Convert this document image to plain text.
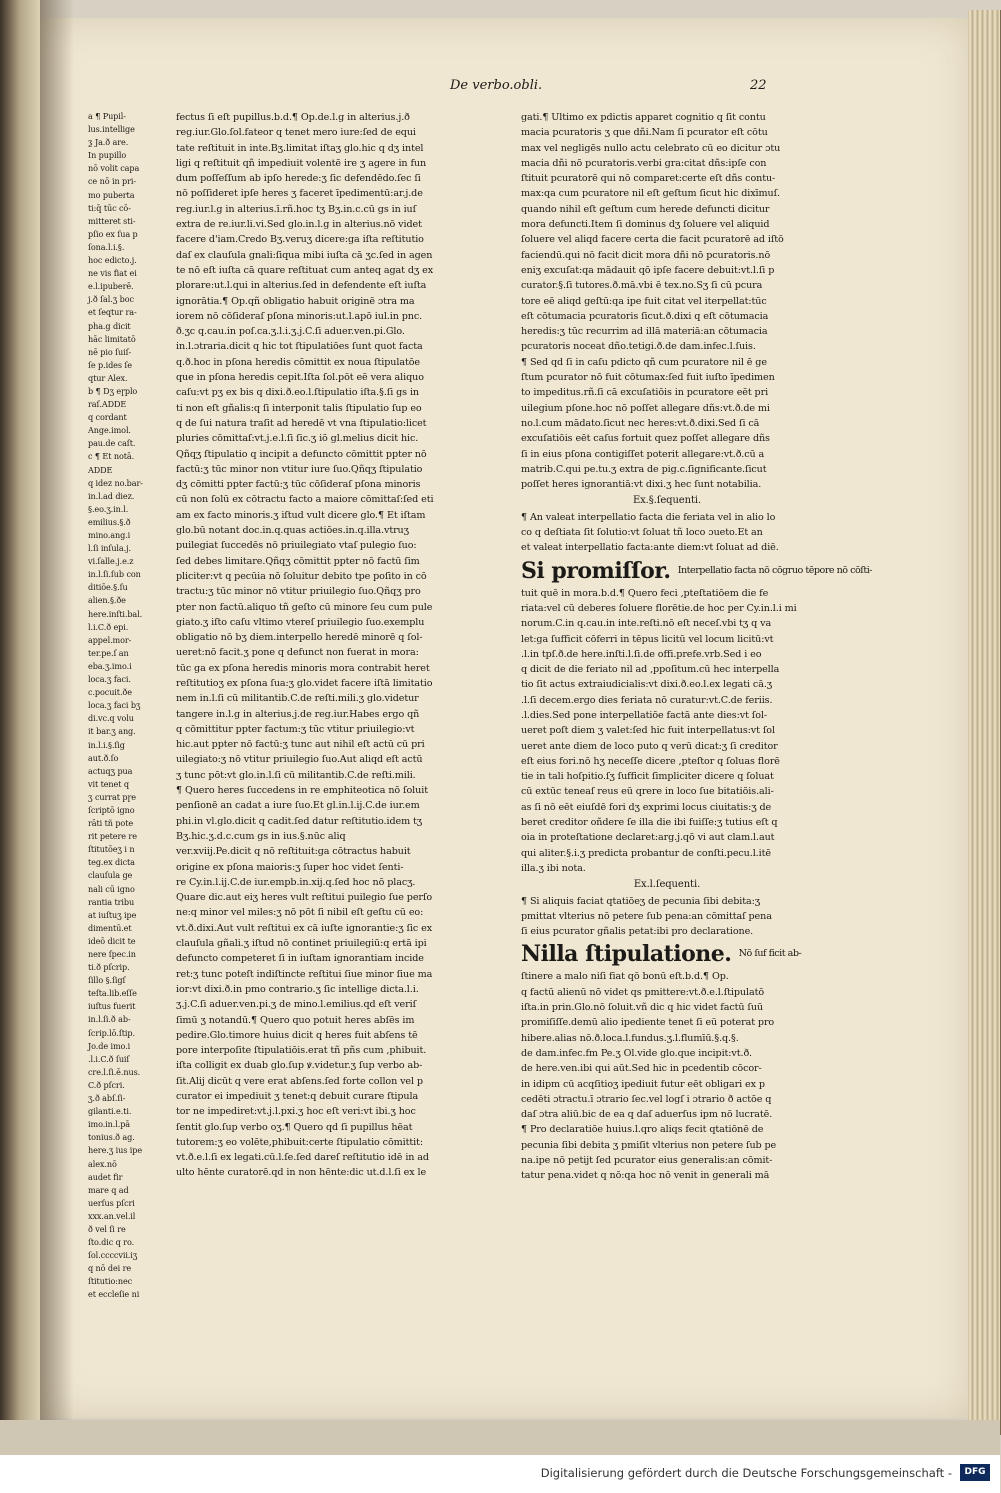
De verbo.obli.	22
a ¶ Pupil-
lus.intellige
ƺ Ja.ð are.
In pupillo
nō volit capa
ce nō in pri-
mo puberta
ti:q̄ tūc cō-
mitteret sti-
pſio ex ſua p
ſona.l.i.§.
hoc edicto.j.
ne vis fiat ei
e.l.ipuberē.
j.ð ſal.ʒ boc
et ſeqtur ra-
pha.g dicit
hāc limitatō
nē pio ſuiſ-
ſe p.ides ſe
qtur Alex.
b ¶ Dʒ eɼplo
raſ.ADDE
q cordant
Ange.imol.
pau.de caſt.
c ¶ Et notā.
ADDE
q idez no.bar-
in.l.ad diez.
§.eo.ʒ.in.l.
emilius.§.ð
mino.ang.i
l.ſi inſula.j.
vi.ſalle.j.e.z
in.l.ſi.ſub con
ditiōe.§.ſu
alien.§.ðe
here.inſti.bal.
l.i.C.ð epi.
appel.mor-
ter.pe.ſ an
eba.ʒ.imo.i
loca.ʒ faci.
c.pocuit.ðe
loca.ʒ faci bʒ
di.vc.q volu
it bar.ʒ ang.
in.l.i.§.ſig
aut.ð.ſo
actuqʒ pua
vit tenet q
ʒ currat pɼe
ſcriptō igno
rāti tñ pote
rit petere re
ſtitutōeʒ i n
teg.ex dicta
clauſula ge
nali cū igno
rantia tribu
at iuſtuʒ ipe
dimentū.et
ideō dicit te
nere ſpec.in
ti.ð pſcrip.
ſillo §.ſigſ
teſta.lib.eſſe
iuſtus fuerit
in.l.ſi.ð ab-
ſcrip.lō.ſtip.
Jo.de imo.i
.l.i.C.ð ſuiſ
cre.l.ſi.ē.nus.
C.ð pſcri.
ʒ.ð abſ.ſi-
gilanti.e.ti.
imo.in.l.pā
tonius.ð ag.
here.ʒ ius ipe
alex.nō
audet fir
mare q ad
uerſus pſcri
xxx.an.vel.il
ð vel ſi re
ſto.dic q ro.
ſol.ccccvii.iʒ
q nō dei re
ſtitutio:nec
et eccleſie ni
fectus ſi eſt pupillus.b.d.¶ Op.de.l.g in alterius.j.ð
reg.iur.Glo.ſol.fateor q tenet mero iure:ſed de equi
tate reſtituit in inte.Bʒ.limitat iſtaʒ glo.hic q dʒ intel
ligi q reſtituit qñ impediuit volentē ire ʒ agere in fun
dum poſſeſſum ab ipſo herede:ʒ ſic defendēdo.ſec ſi
nō poſſideret ipſe heres ʒ faceret īpedimentū:ar.j.de
reg.iur.l.g in alterius.ī.rñ.hoc tʒ Bʒ.in.c.cū gs in iuſ
extra de re.iur.li.vi.Sed glo.in.l.g in alterius.nō videt
facere d'iam.Credo Bʒ.veruʒ dicere:ga iſta reſtitutio
daſ ex clauſula gnali:ſiqua mibi iuſta cā ʒc.ſed in agen
te nō eſt iuſta cā quare reſtituat cum anteq agat dʒ ex
plorare:ut.l.qui in alterius.ſed in defendente eſt iuſta
ignorātia.¶ Op.qñ obligatio habuit originē ɔtra ma
iorem nō cōſideraſ pſona minoris:ut.l.apō iul.in pnc.
ð.ʒc q.cau.in poſ.ca.ʒ.l.i.ʒ.j.C.ſi aduer.ven.pi.Glo.
in.l.ɔtraria.dicit q hic tot ſtipulatiōes ſunt quot facta
q.ð.hoc in pſona heredis cōmittit ex noua ſtipulatōe
que in pſona heredis cepit.Iſta ſol.pōt eē vera aliquo
caſu:vt pʒ ex bis q dixi.ð.eo.l.ſtipulatio iſta.§.ſi gs in
ti non eſt gñalis:q ſi interponit talis ſtipulatio ſup eo
q de ſui natura traſit ad heredē vt vna ſtipulatio:licet
pluries cōmittaſ:vt.j.e.l.ſi ſic.ʒ iō gl.melius dicit hic.
Qñqʒ ſtipulatio q incipit a defuncto cōmittit ppter nō
factū:ʒ tūc minor non vtitur iure ſuo.Qñqʒ ſtipulatio
dʒ cōmitti ppter factū:ʒ tūc cōſideraſ pſona minoris
cū non ſolū ex cōtractu facto a maiore cōmittaſ:ſed eti
am ex facto minoris.ʒ iſtud vult dicere glo.¶ Et iſtam
glo.bū notant doc.in.q.quas actiōes.in.q.illa.vtruʒ
puilegiat ſuccedēs nō priuilegiato vtaſ pulegio ſuo:
ſed debes limitare.Qñqʒ cōmittit ppter nō factū ſim
pliciter:vt q pecūia nō ſoluitur debito tpe poſito in cō
tractu:ʒ tūc minor nō vtitur priuilegio ſuo.Qñqʒ pro
pter non factū.aliquo tñ geſto cū minore ſeu cum pule
giato.ʒ iſto caſu vltimo vtereſ priuilegio ſuo.exemplu
obligatio nō bʒ diem.interpello heredē minorē q ſol-
ueret:nō facit.ʒ pone q defunct non fuerat in mora:
tūc ga ex pſona heredis minoris mora contrabit heret
reſtitutioʒ ex pſona ſua:ʒ glo.videt facere iſtā limitatio
nem in.l.ſi cū militantib.C.de reſti.mili.ʒ glo.videtur
tangere in.l.g in alterius.j.de reg.iur.Habes ergo qñ
q cōmittitur ppter factum:ʒ tūc vtitur priuilegio:vt
hic.aut ppter nō factū:ʒ tunc aut nihil eſt actū cū pri
uilegiato:ʒ nō vtitur priuilegio ſuo.Aut aliqd eſt actū
ʒ tunc pōt:vt glo.in.l.ſi cū militantib.C.de reſti.mili.
¶ Quero heres ſuccedens in re emphiteotica nō ſoluit
penſionē an cadat a iure ſuo.Et gl.in.l.ij.C.de iur.em
phi.in vl.glo.dicit q cadit.ſed datur reſtitutio.idem tʒ
Bʒ.hic.ʒ.d.c.cum gs in ius.§.nūc aliq
ver.xviij.Pe.dicit q nō reſtituit:ga cōtractus habuit
origine ex pſona maioris:ʒ ſuper hoc videt ſenti-
re Cy.in.l.ij.C.de iur.empb.in.xij.q.ſed hoc nō placʒ.
Quare dic.aut eiʒ heres vult reſtitui puilegio ſue perſo
ne:q minor vel miles:ʒ nō pōt ſi nibil eſt geſtu cū eo:
vt.ð.dixi.Aut vult reſtitui ex cā iuſte ignorantie:ʒ ſic ex
clauſula gñali.ʒ iſtud nō continet priuilegiū:q ertā ipi
defuncto competeret ſi in iuſtam ignorantiam incide
ret:ʒ tunc poteſt indiſtincte reſtitui ſiue minor ſiue ma
ior:vt dixi.ð.in pmo contrario.ʒ ſic intellige dicta.l.i.
ʒ.j.C.ſi aduer.ven.pi.ʒ de mino.l.emilius.qd eſt veriſ
ſimū ʒ notandū.¶ Quero quo potuit heres abſēs im
pedire.Glo.timore huius dicit q heres fuit abſens tē
pore interpoſite ſtipulatiōis.erat tñ pñs cum ,phibuit.
iſta colligit ex duab glo.ſup ꝟ.videtur.ʒ ſup verbo ab-
ſit.Alij dicūt q vere erat abſens.ſed forte collon vel p
curator ei impediuit ʒ tenet:q debuit curare ſtipula
tor ne impediret:vt.j.l.pxi.ʒ hoc eſt veri:vt ibi.ʒ hoc
ſentit glo.ſup verbo oʒ.¶ Quero qd ſi pupillus hēat
tutorem:ʒ eo volēte,phibuit:certe ſtipulatio cōmittit:
vt.ð.e.l.ſi ex legati.cū.l.ſe.ſed dareſ reſtitutio idē in ad
ulto hēnte curatorē.qd in non hēnte:dic ut.d.l.ſi ex le
gati.¶ Ultimo ex pdictis apparet cognitio q ſit contu
macia pcuratoris ʒ que dñi.Nam ſi pcurator eſt cōtu
max vel negligēs nullo actu celebrato cū eo dicitur ɔtu
macia dñi nō pcuratoris.verbi gra:citat dñs:ipſe con
ſtituit pcuratorē qui nō comparet:certe eſt dñs contu-
max:qa cum pcuratore nil eſt geſtum ſicut hic dixīmuſ.
quando nihil eſt geſtum cum herede defuncti dicitur
mora defuncti.Item ſi dominus dʒ ſoluere vel aliquid
ſoluere vel aliqd facere certa die facit pcuratorē ad iſtō
faciendū.qui nō facit dicit mora dñi nō pcuratoris.nō
eniʒ excuſat:qa mādauit qō ipſe facere debuit:vt.l.ſi p
curator.§.ſi tutores.ð.mā.vbi ē tex.no.Sʒ ſi cū pcura
tore eē aliqd geſtū:qa ipe fuit citat vel iterpellat:tūc
eſt cōtumacia pcuratoris ſicut.ð.dixi q eſt cōtumacia
heredis:ʒ tūc recurrim ad illā materiā:an cōtumacia
pcuratoris noceat dño.tetigi.ð.de dam.infec.l.ſuis.
¶ Sed qd ſi in caſu pdicto qñ cum pcuratore nil ē ge
ſtum pcurator nō fuit cōtumax:ſed fuit iuſto īpedimen
to impeditus.rñ.ſi cā excuſatiōis in pcuratore eēt pri
uilegium pſone.hoc nō poſſet allegare dñs:vt.ð.de mi
no.l.cum mādato.ſicut nec heres:vt.ð.dixi.Sed ſi cā
excuſatiōis eēt caſus fortuit quez poſſet allegare dñs
ſi in eius pſona contigiſſet poterit allegare:vt.ð.cū a
matrib.C.qui pe.tu.ʒ extra de pig.c.ſignificante.ſicut
poſſet heres ignorantiā:vt dixi.ʒ hec ſunt notabilia.
Ex.§.ſequenti.
¶ An valeat interpellatio facta die feriata vel in alio lo
co q deſtiata ſit ſolutio:vt ſoluat tñ loco ɔueto.Et an
et valeat interpellatio facta:ante diem:vt ſoluat ad diē.
Si promiſſor. $^{Interpellatio facta nō cōgruo tēpore nō cōſti-}$
tuit quē in mora.b.d.¶ Quero feci ,pteſtatiōem die fe
riata:vel cū deberes ſoluere florētie.de hoc per Cy.in.l.i mi
norum.C.in q.cau.in inte.reſti.nō eſt neceſ.vbi tʒ q va
let:ga ſufficit cōferri in tēpus licitū vel locum licitū:vt
.l.in tpſ.ð.de here.inſti.l.ſi.de offi.prefe.vrb.Sed i eo
q dicit de die feriato nil ad ,ppoſitum.cū hec interpella
tio ſit actus extraiudicialis:vt dixi.ð.eo.l.ex legati cā.ʒ
.l.ſi decem.ergo dies feriata nō curatur:vt.C.de feriis.
.l.dies.Sed pone interpellatiōe factā ante dies:vt ſol-
ueret poſt diem ʒ valet:ſed hic fuit interpellatus:vt ſol
ueret ante diem de loco puto q verū dicat:ʒ ſi creditor
eſt eius fori.nō hʒ neceſſe dicere ,pteſtor q ſoluas florē
tie in tali hoſpitio.ſʒ ſufficit ſimpliciter dicere q ſoluat
cū extūc teneaſ reus eū qrere in loco ſue bitatiōis.ali-
as ſi nō eēt eiuſdē fori dʒ exprimi locus ciuitatis:ʒ de
beret creditor oñdere ſe illa die ibi fuiſſe:ʒ tutius eſt q
oia in proteſtatione declaret:arg.j.qō vi aut clam.l.aut
qui aliter.§.i.ʒ predicta probantur de conſti.pecu.l.itē
illa.ʒ ibi nota.
Ex.l.ſequenti.
¶ Si aliquis faciat qtatiōeʒ de pecunia ſibi debita:ʒ
pmittat vlterius nō petere ſub pena:an cōmittaſ pena
ſi eius pcurator gñalis petat:ibi pro declaratione.
Nilla ſtipulatione. $^{Nō ſuf ficit ab-}$
ſtinere a malo niſi fiat qō bonū eſt.b.d.¶ Op.
q factū alienū nō videt qs pmittere:vt.ð.e.l.ſtipulatō
iſta.in prin.Glo.nō ſoluit.vñ dic q hic videt factū ſuū
promiſiſſe.demū alio ipediente tenet ſi eū poterat pro
hibere.alias nō.ð.loca.l.fundus.ʒ.l.flumīū.§.q.§.
de dam.infec.fm Pe.ʒ Ol.vide glo.que incipit:vt.ð.
de here.ven.ibi qui aūt.Sed hic in pcedentib cōcor-
in idipm cū acqſitioʒ ipediuit futur eēt obligari ex p
cedēti ɔtractu.ī ɔtrario ſec.vel logſ i ɔtrario ð actōe q
daſ ɔtra aliū.bic de ea q daſ aduerſus ipm nō lucratē.
¶ Pro declaratiōe huius.l.qro aliqs fecit qtatiōnē de
pecunia ſibi debita ʒ pmiſit vlterius non petere ſub pe
na.ipe nō petijt ſed pcurator eius generalis:an cōmit-
tatur pena.videt q nō:qa hoc nō venit in generali mā
Digitalisierung gefördert durch die Deutsche Forschungsgemeinschaft -	DFG
